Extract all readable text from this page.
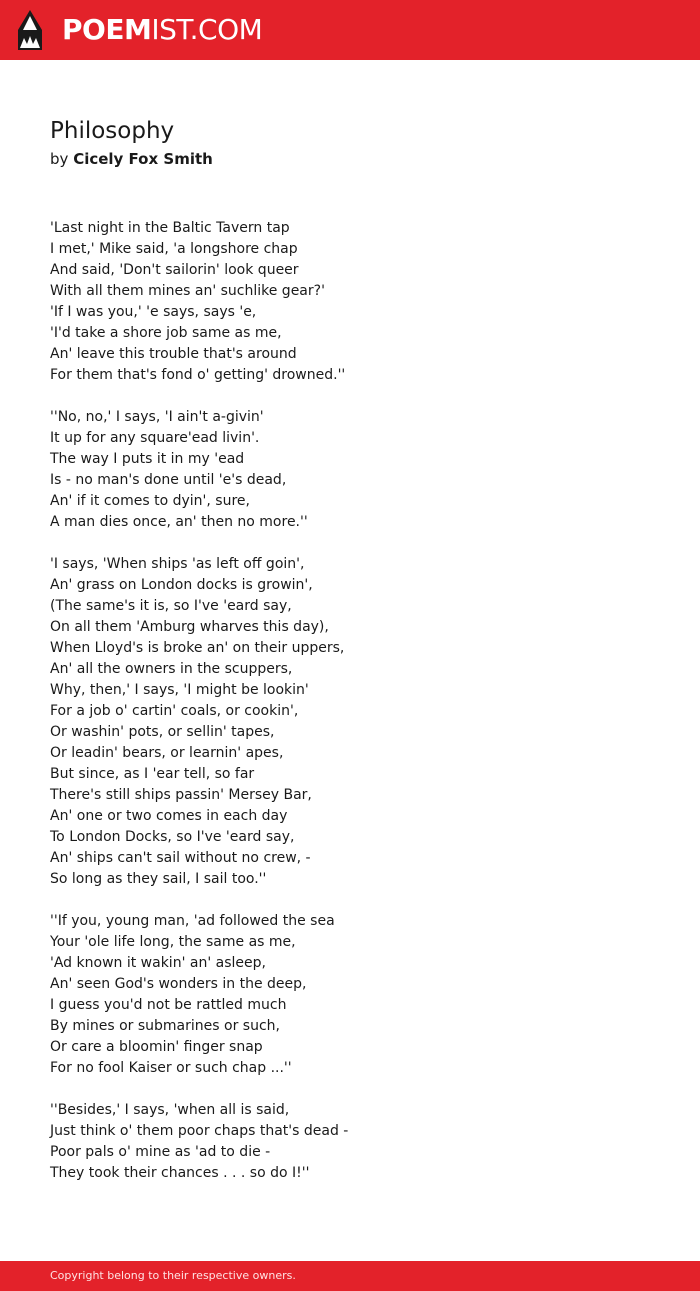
POEMIST.COM
Philosophy
by Cicely Fox Smith
'Last night in the Baltic Tavern tap
I met,' Mike said, 'a longshore chap
And said, 'Don't sailorin' look queer
With all them mines an' suchlike gear?'
'If I was you,' 'e says, says 'e,
'I'd take a shore job same as me,
An' leave this trouble that's around
For them that's fond o' getting' drowned.''
''No, no,' I says, 'I ain't a-givin'
It up for any square'ead livin'.
The way I puts it in my 'ead
Is - no man's done until 'e's dead,
An' if it comes to dyin', sure,
A man dies once, an' then no more.''
'I says, 'When ships 'as left off goin',
An' grass on London docks is growin',
(The same's it is, so I've 'eard say,
On all them 'Amburg wharves this day),
When Lloyd's is broke an' on their uppers,
An' all the owners in the scuppers,
Why, then,' I says, 'I might be lookin'
For a job o' cartin' coals, or cookin',
Or washin' pots, or sellin' tapes,
Or leadin' bears, or learnin' apes,
But since, as I 'ear tell, so far
There's still ships passin' Mersey Bar,
An' one or two comes in each day
To London Docks, so I've 'eard say,
An' ships can't sail without no crew, -
So long as they sail, I sail too.''
''If you, young man, 'ad followed the sea
Your 'ole life long, the same as me,
'Ad known it wakin' an' asleep,
An' seen God's wonders in the deep,
I guess you'd not be rattled much
By mines or submarines or such,
Or care a bloomin' finger snap
For no fool Kaiser or such chap ...''
''Besides,' I says, 'when all is said,
Just think o' them poor chaps that's dead -
Poor pals o' mine as 'ad to die -
They took their chances . . . so do I!''
Copyright belong to their respective owners.
